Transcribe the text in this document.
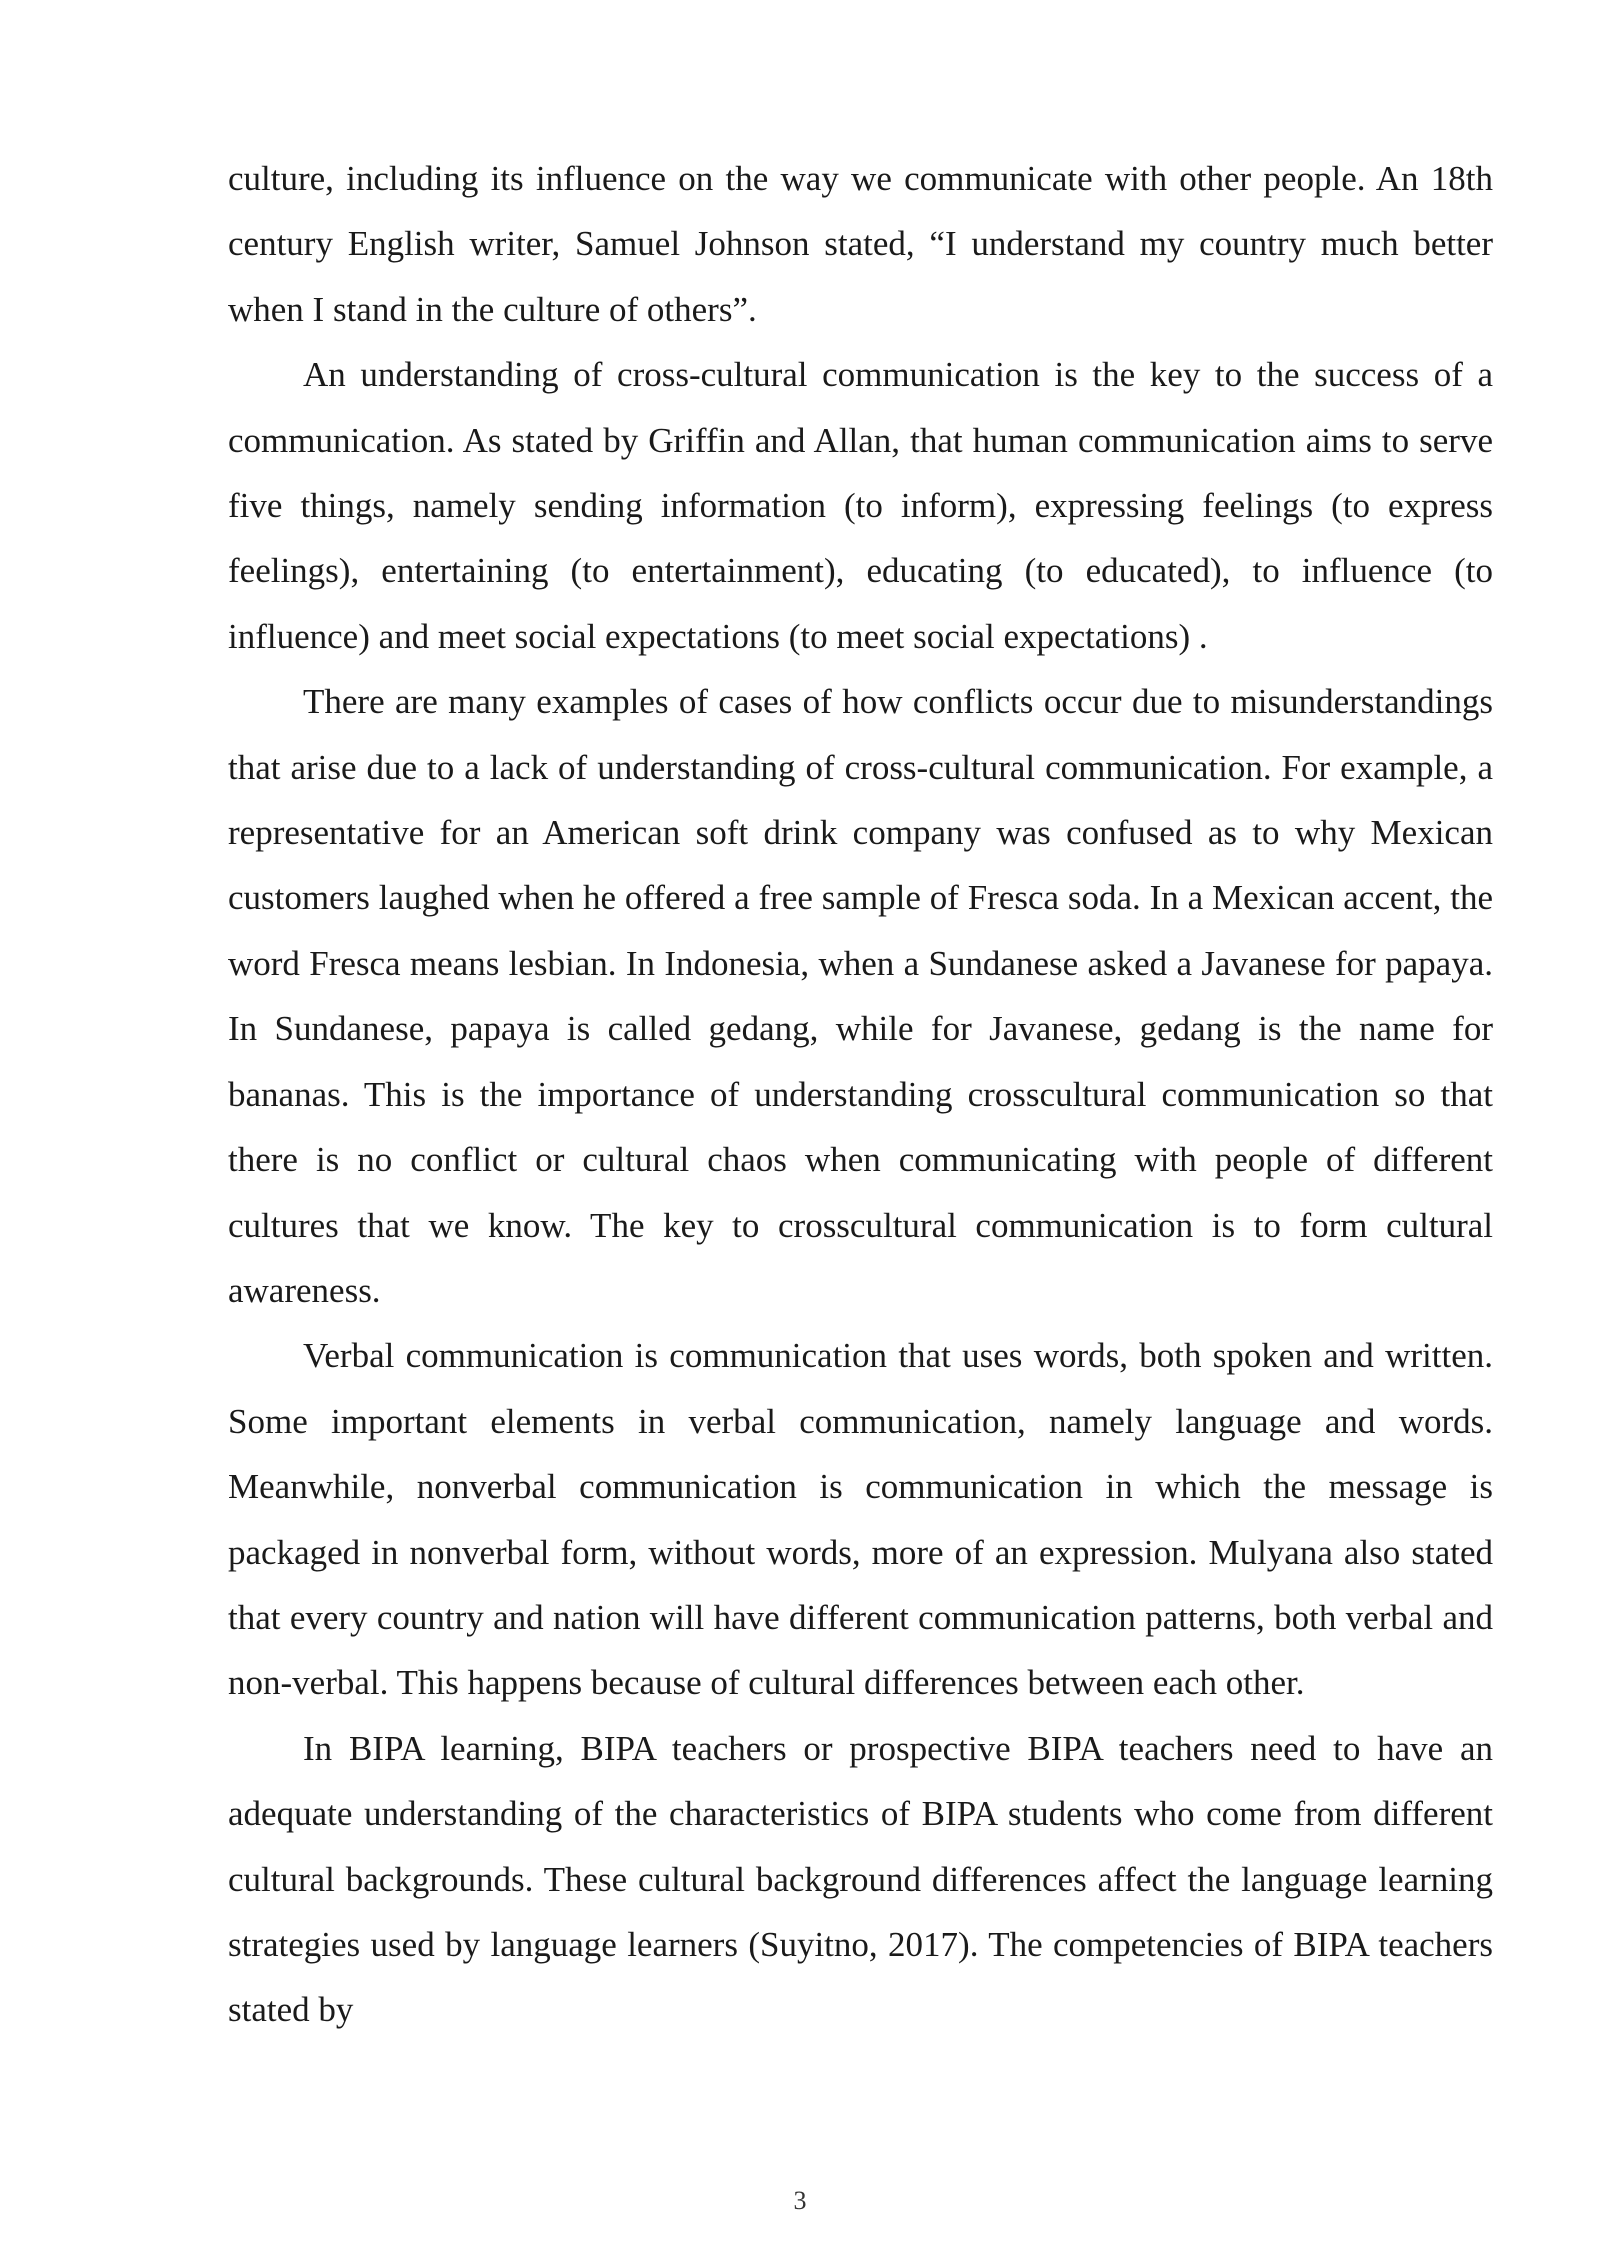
culture, including its influence on the way we communicate with other people. An 18th century English writer, Samuel Johnson stated, “I understand my country much better when I stand in the culture of others”.

An understanding of cross-cultural communication is the key to the success of a communication. As stated by Griffin and Allan, that human communication aims to serve five things, namely sending information (to inform), expressing feelings (to express feelings), entertaining (to entertainment), educating (to educated), to influence (to influence) and meet social expectations (to meet social expectations) .

There are many examples of cases of how conflicts occur due to misunderstandings that arise due to a lack of understanding of cross-cultural communication. For example, a representative for an American soft drink company was confused as to why Mexican customers laughed when he offered a free sample of Fresca soda. In a Mexican accent, the word Fresca means lesbian. In Indonesia, when a Sundanese asked a Javanese for papaya. In Sundanese, papaya is called gedang, while for Javanese, gedang is the name for bananas. This is the importance of understanding crosscultural communication so that there is no conflict or cultural chaos when communicating with people of different cultures that we know. The key to crosscultural communication is to form cultural awareness.

Verbal communication is communication that uses words, both spoken and written. Some important elements in verbal communication, namely language and words. Meanwhile, nonverbal communication is communication in which the message is packaged in nonverbal form, without words, more of an expression. Mulyana also stated that every country and nation will have different communication patterns, both verbal and non-verbal. This happens because of cultural differences between each other.

In BIPA learning, BIPA teachers or prospective BIPA teachers need to have an adequate understanding of the characteristics of BIPA students who come from different cultural backgrounds. These cultural background differences affect the language learning strategies used by language learners (Suyitno, 2017). The competencies of BIPA teachers stated by

3
